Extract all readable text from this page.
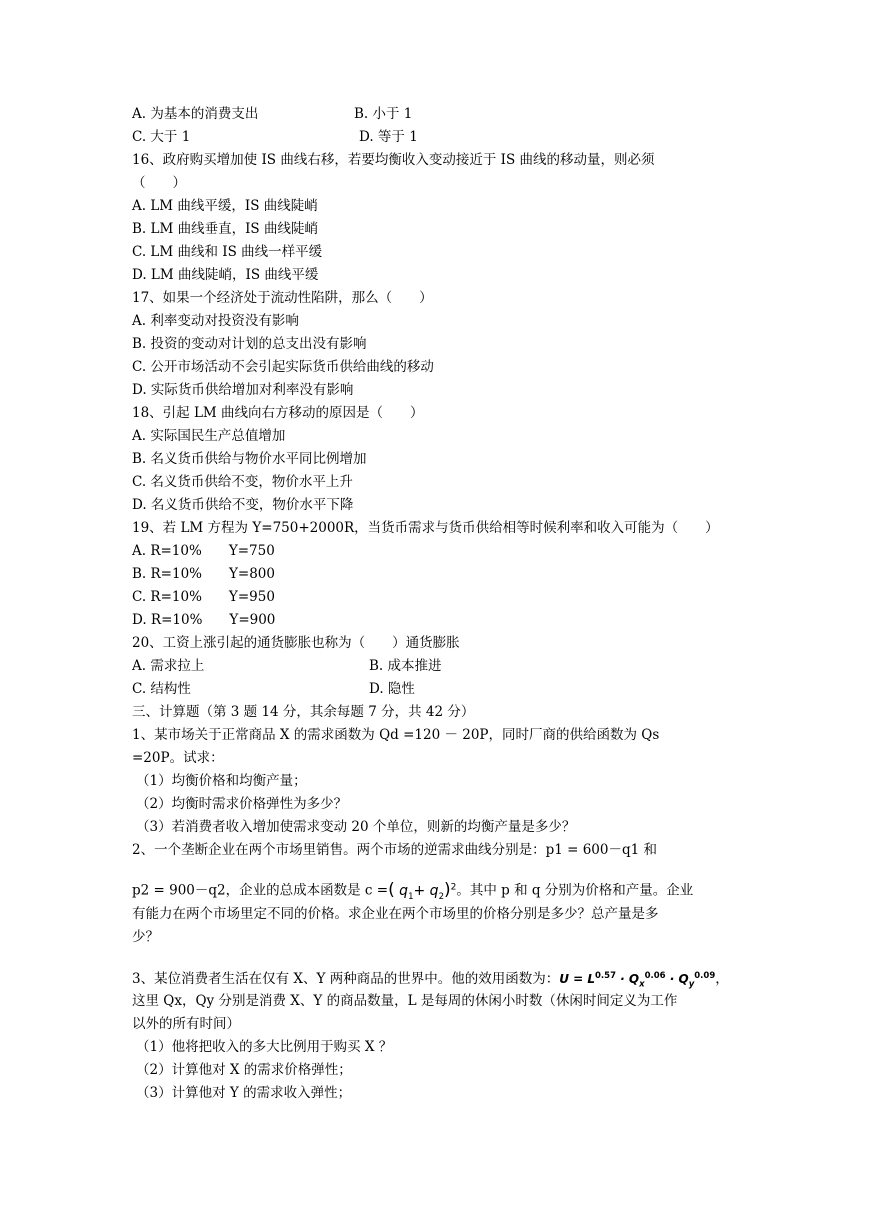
A. 为基本的消费支出	B. 小于 1
C. 大于 1	D. 等于 1
16、政府购买增加使 IS 曲线右移，若要均衡收入变动接近于 IS 曲线的移动量，则必须
（　　）
A. LM 曲线平缓，IS 曲线陡峭
B. LM 曲线垂直，IS 曲线陡峭
C. LM 曲线和 IS 曲线一样平缓
D. LM 曲线陡峭，IS 曲线平缓
17、如果一个经济处于流动性陷阱，那么（　　）
A. 利率变动对投资没有影响
B. 投资的变动对计划的总支出没有影响
C. 公开市场活动不会引起实际货币供给曲线的移动
D. 实际货币供给增加对利率没有影响
18、引起 LM 曲线向右方移动的原因是（　　）
A. 实际国民生产总值增加
B. 名义货币供给与物价水平同比例增加
C. 名义货币供给不变，物价水平上升
D. 名义货币供给不变，物价水平下降
19、若 LM 方程为 Y=750+2000R，当货币需求与货币供给相等时候利率和收入可能为（　　）
A. R=10%　　Y=750
B. R=10%　　Y=800
C. R=10%　　Y=950
D. R=10%　　Y=900
20、工资上涨引起的通货膨胀也称为（　　）通货膨胀
A. 需求拉上	B. 成本推进
C. 结构性	D. 隐性
三、计算题（第 3 题 14 分，其余每题 7 分，共 42 分）
1、某市场关于正常商品 X 的需求函数为 Qd =120 － 20P，同时厂商的供给函数为 Qs
=20P。试求：
（1）均衡价格和均衡产量；
（2）均衡时需求价格弹性为多少？
（3）若消费者收入增加使需求变动 20 个单位，则新的均衡产量是多少？
2、一个垄断企业在两个市场里销售。两个市场的逆需求曲线分别是：p1 = 600－q1 和
p2 = 900－q2，企业的总成本函数是 c =( $q_1+ q_2)^2$。其中 p 和 q 分别为价格和产量。企业
有能力在两个市场里定不同的价格。求企业在两个市场里的价格分别是多少？总产量是多
少？
3、某位消费者生活在仅有 X、Y 两种商品的世界中。他的效用函数为：$U = L^{0.57} \cdot Q_x^{0.06} \cdot Q_y^{0.09}$，
这里 Qx，Qy 分别是消费 X、Y 的商品数量，L 是每周的休闲小时数（休闲时间定义为工作
以外的所有时间）
（1）他将把收入的多大比例用于购买 X ？
（2）计算他对 X 的需求价格弹性；
（3）计算他对 Y 的需求收入弹性；
